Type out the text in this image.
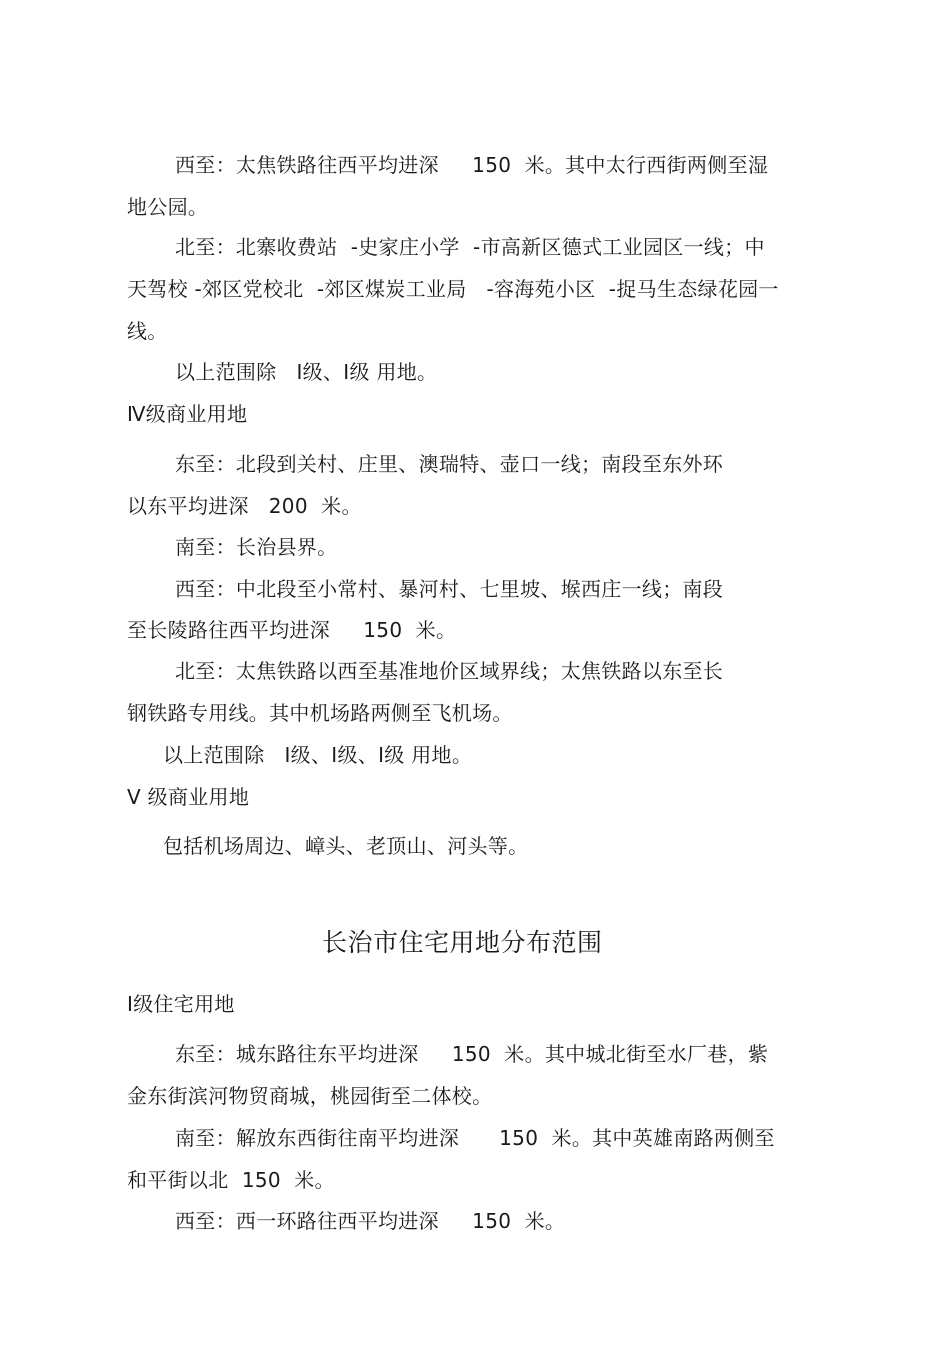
西至：太焦铁路往西平均进深     150  米。其中太行西街两侧至湿
地公园。
北至：北寨收费站  -史家庄小学  -市高新区德式工业园区一线；中
天驾校 -郊区党校北  -郊区煤炭工业局   -容海苑小区  -捉马生态绿花园一
线。
以上范围除   Ⅰ级、Ⅰ级 用地。
Ⅳ级商业用地
东至：北段到关村、庄里、澳瑞特、壶口一线；南段至东外环
以东平均进深   200  米。
南至：长治县界。
西至：中北段至小常村、暴河村、七里坡、堠西庄一线；南段
至长陵路往西平均进深     150  米。
北至：太焦铁路以西至基准地价区域界线；太焦铁路以东至长
钢铁路专用线。其中机场路两侧至飞机场。
以上范围除   Ⅰ级、Ⅰ级、Ⅰ级 用地。
Ⅴ 级商业用地
包括机场周边、嶂头、老顶山、河头等。
长治市住宅用地分布范围
Ⅰ级住宅用地
东至：城东路往东平均进深     150  米。其中城北街至水厂巷，紫
金东街滨河物贸商城，桃园街至二体校。
南至：解放东西街往南平均进深      150  米。其中英雄南路两侧至
和平街以北  150  米。
西至：西一环路往西平均进深     150  米。
